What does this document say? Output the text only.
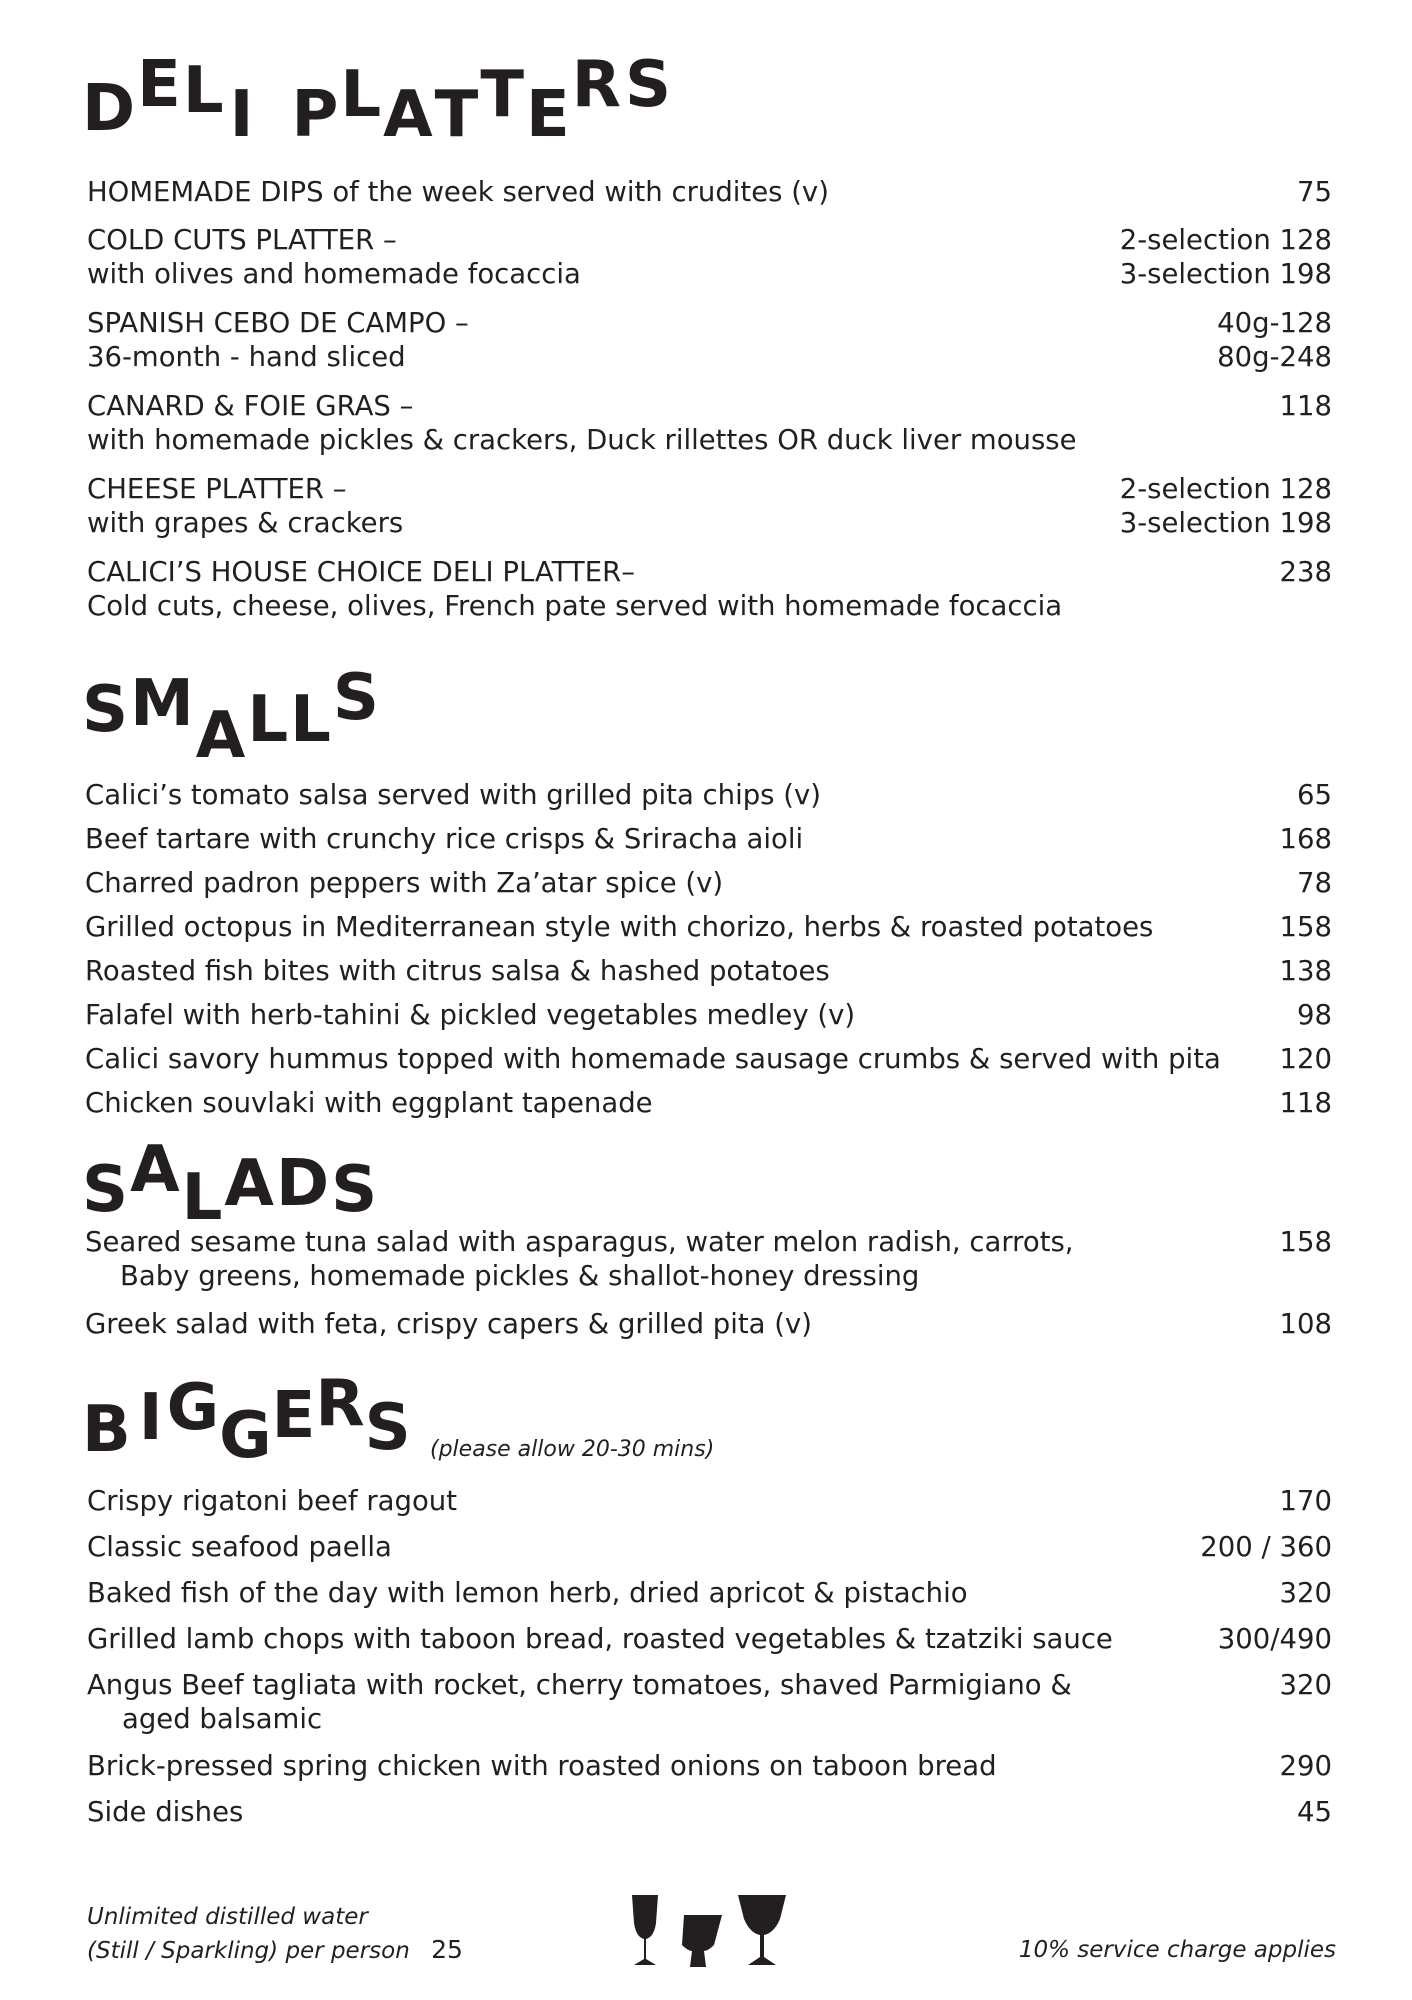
D E L I P L A T T E R S
HOMEMADE DIPS of the week served with crudites (v)	75
COLD CUTS PLATTER –	2-selection 128
with olives and homemade focaccia	3-selection 198
SPANISH CEBO DE CAMPO –	40g-128
36-month - hand sliced	80g-248
CANARD & FOIE GRAS –	118
with homemade pickles & crackers, Duck rillettes OR duck liver mousse
CHEESE PLATTER –	2-selection 128
with grapes & crackers	3-selection 198
CALICI’S HOUSE CHOICE DELI PLATTER–	238
Cold cuts, cheese, olives, French pate served with homemade focaccia
S M A L L S
Calici’s tomato salsa served with grilled pita chips (v)	65
Beef tartare with crunchy rice crisps & Sriracha aioli	168
Charred padron peppers with Za’atar spice (v)	78
Grilled octopus in Mediterranean style with chorizo, herbs & roasted potatoes	158
Roasted fish bites with citrus salsa & hashed potatoes	138
Falafel with herb-tahini & pickled vegetables medley (v)	98
Calici savory hummus topped with homemade sausage crumbs & served with pita 120
Chicken souvlaki with eggplant tapenade	118
S A L A D S
Seared sesame tuna salad with asparagus, water melon radish, carrots,	158
Baby greens, homemade pickles & shallot-honey dressing
Greek salad with feta, crispy capers & grilled pita (v)	108
B I G G E R S (please allow 20-30 mins)
Crispy rigatoni beef ragout	170
Classic seafood paella	200 / 360
Baked fish of the day with lemon herb, dried apricot & pistachio	320
Grilled lamb chops with taboon bread, roasted vegetables & tzatziki sauce	300/490
Angus Beef tagliata with rocket, cherry tomatoes, shaved Parmigiano &	320
aged balsamic
Brick-pressed spring chicken with roasted onions on taboon bread	290
Side dishes	45
Unlimited distilled water
(Still / Sparkling) per person 25	10% service charge applies
